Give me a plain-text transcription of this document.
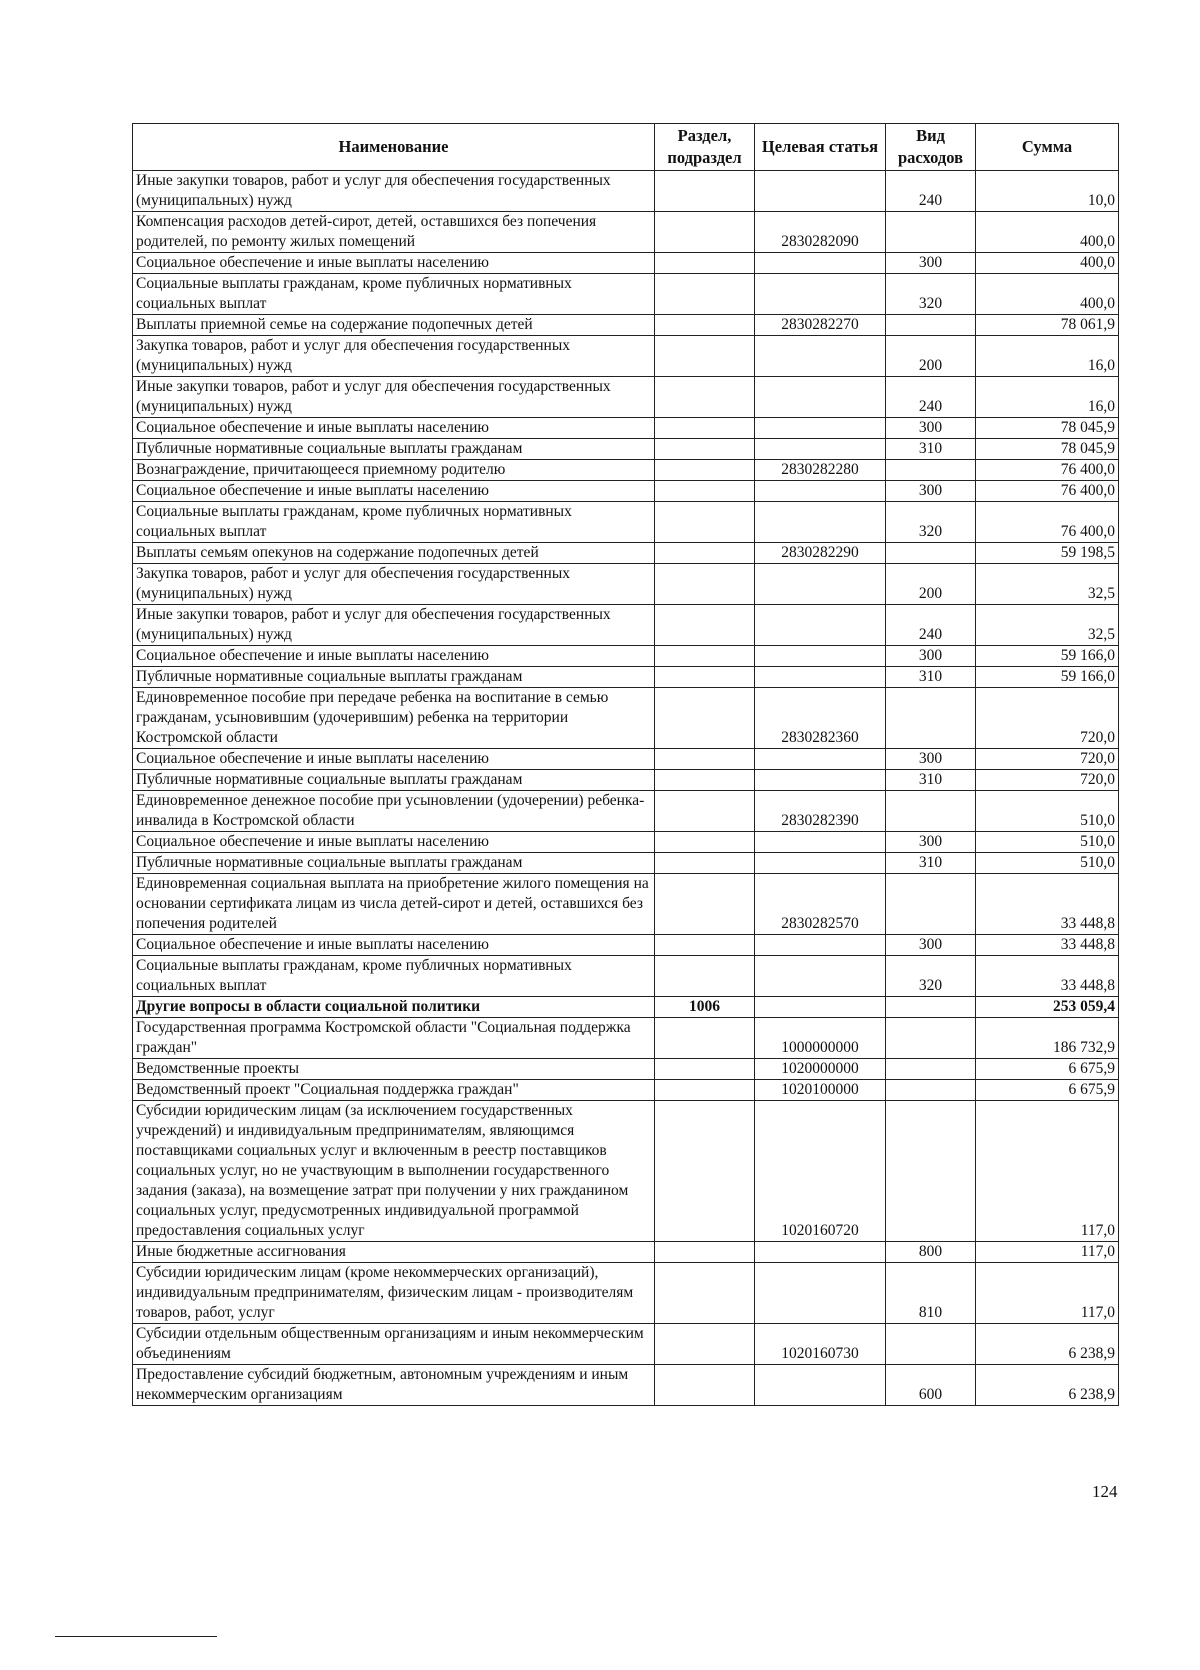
Наименование	Раздел, подраздел	Целевая статья	Вид расходов	Сумма
Иные закупки товаров, работ и услуг для обеспечения государственных (муниципальных) нужд			240	10,0
Компенсация расходов детей-сирот, детей, оставшихся без попечения родителей, по ремонту жилых помещений		2830282090		400,0
Социальное обеспечение и иные выплаты населению			300	400,0
Социальные выплаты гражданам, кроме публичных нормативных социальных выплат			320	400,0
Выплаты приемной семье на содержание подопечных детей		2830282270		78 061,9
Закупка товаров, работ и услуг для обеспечения государственных (муниципальных) нужд			200	16,0
Иные закупки товаров, работ и услуг для обеспечения государственных (муниципальных) нужд			240	16,0
Социальное обеспечение и иные выплаты населению			300	78 045,9
Публичные нормативные социальные выплаты гражданам			310	78 045,9
Вознаграждение, причитающееся приемному родителю		2830282280		76 400,0
Социальное обеспечение и иные выплаты населению			300	76 400,0
Социальные выплаты гражданам, кроме публичных нормативных социальных выплат			320	76 400,0
Выплаты семьям опекунов на содержание подопечных детей		2830282290		59 198,5
Закупка товаров, работ и услуг для обеспечения государственных (муниципальных) нужд			200	32,5
Иные закупки товаров, работ и услуг для обеспечения государственных (муниципальных) нужд			240	32,5
Социальное обеспечение и иные выплаты населению			300	59 166,0
Публичные нормативные социальные выплаты гражданам			310	59 166,0
Единовременное пособие при передаче ребенка на воспитание в семью гражданам, усыновившим (удочерившим) ребенка на территории Костромской области		2830282360		720,0
Социальное обеспечение и иные выплаты населению			300	720,0
Публичные нормативные социальные выплаты гражданам			310	720,0
Единовременное денежное пособие при усыновлении (удочерении) ребенка-инвалида в Костромской области		2830282390		510,0
Социальное обеспечение и иные выплаты населению			300	510,0
Публичные нормативные социальные выплаты гражданам			310	510,0
Единовременная социальная выплата на приобретение жилого помещения на основании сертификата лицам из числа детей-сирот и детей, оставшихся без попечения родителей		2830282570		33 448,8
Социальное обеспечение и иные выплаты населению			300	33 448,8
Социальные выплаты гражданам, кроме публичных нормативных социальных выплат			320	33 448,8
Другие вопросы в области социальной политики	1006			253 059,4
Государственная программа Костромской области "Социальная поддержка граждан"		1000000000		186 732,9
Ведомственные проекты		1020000000		6 675,9
Ведомственный проект "Социальная поддержка граждан"		1020100000		6 675,9
Субсидии юридическим лицам (за исключением государственных учреждений) и индивидуальным предпринимателям, являющимся поставщиками социальных услуг и включенным в реестр поставщиков социальных услуг, но не участвующим в выполнении государственного задания (заказа), на возмещение затрат при получении у них гражданином социальных услуг, предусмотренных индивидуальной программой предоставления социальных услуг		1020160720		117,0
Иные бюджетные ассигнования			800	117,0
Субсидии юридическим лицам (кроме некоммерческих организаций), индивидуальным предпринимателям, физическим лицам - производителям товаров, работ, услуг			810	117,0
Субсидии отдельным общественным организациям и иным некоммерческим объединениям		1020160730		6 238,9
Предоставление субсидий бюджетным, автономным учреждениям и иным некоммерческим организациям			600	6 238,9
124
